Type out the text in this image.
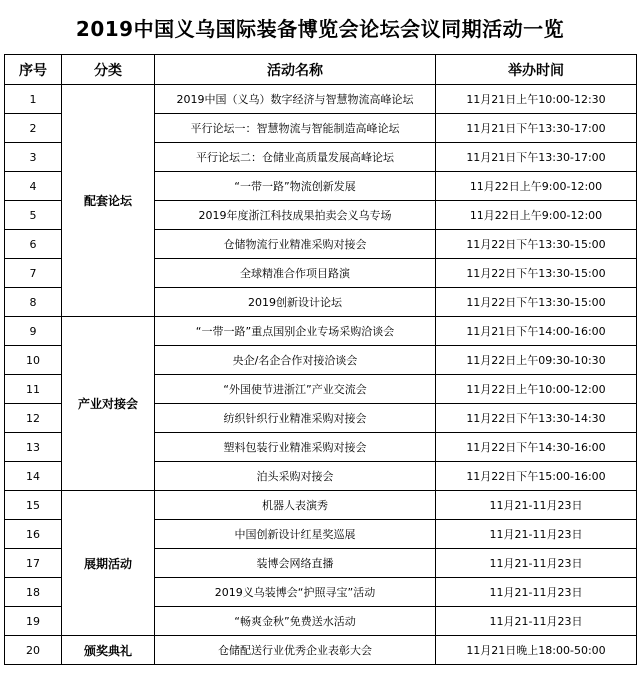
2019中国义乌国际装备博览会论坛会议同期活动一览
序号	分类	活动名称	举办时间
1	配套论坛	2019中国（义乌）数字经济与智慧物流高峰论坛	11月21日上午10:00-12:30
2		平行论坛一：智慧物流与智能制造高峰论坛	11月21日下午13:30-17:00
3		平行论坛二：仓储业高质量发展高峰论坛	11月21日下午13:30-17:00
4		“一带一路”物流创新发展	11月22日上午9:00-12:00
5		2019年度浙江科技成果拍卖会义乌专场	11月22日上午9:00-12:00
6		仓储物流行业精准采购对接会	11月22日下午13:30-15:00
7		全球精准合作项目路演	11月22日下午13:30-15:00
8		2019创新设计论坛	11月22日下午13:30-15:00
9	产业对接会	“一带一路”重点国别企业专场采购洽谈会	11月21日下午14:00-16:00
10		央企/名企合作对接洽谈会	11月22日上午09:30-10:30
11		“外国使节进浙江”产业交流会	11月22日上午10:00-12:00
12		纺织针织行业精准采购对接会	11月22日下午13:30-14:30
13		塑料包装行业精准采购对接会	11月22日下午14:30-16:00
14		泊头采购对接会	11月22日下午15:00-16:00
15	展期活动	机器人表演秀	11月21-11月23日
16		中国创新设计红星奖巡展	11月21-11月23日
17		装博会网络直播	11月21-11月23日
18		2019义乌装博会“护照寻宝”活动	11月21-11月23日
19		“畅爽金秋”免费送水活动	11月21-11月23日
20	颁奖典礼	仓储配送行业优秀企业表彰大会	11月21日晚上18:00-50:00
